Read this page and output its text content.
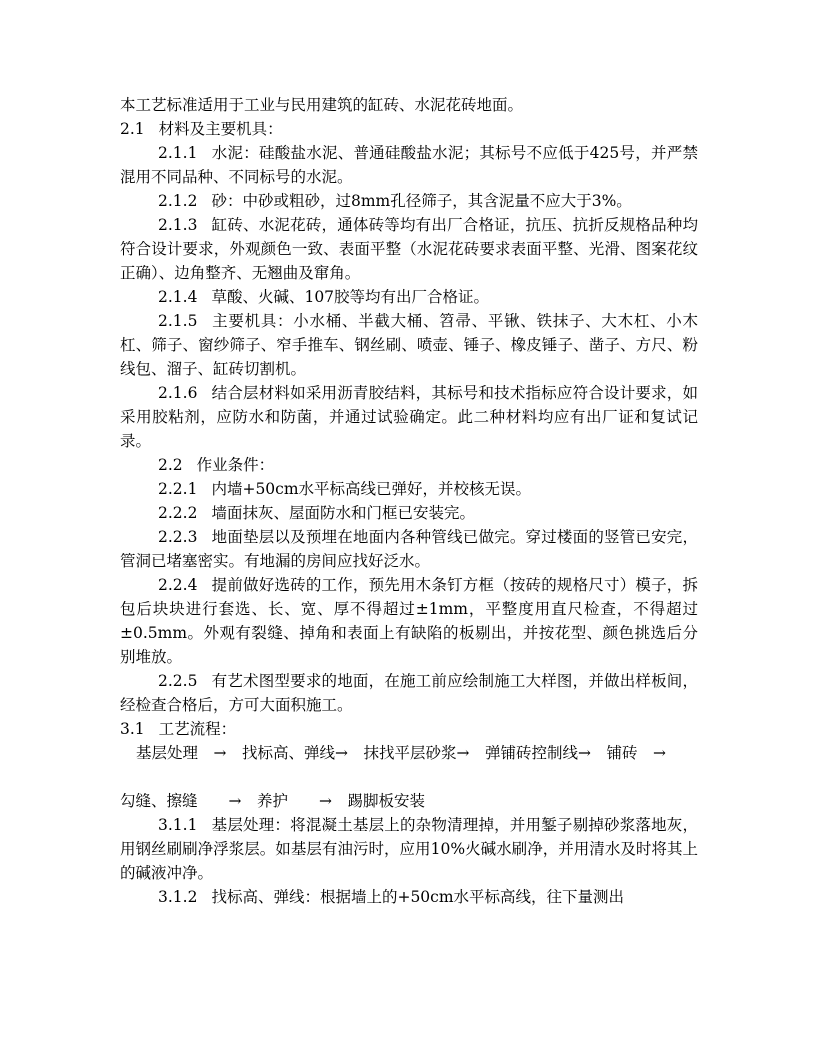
本工艺标准适用于工业与民用建筑的缸砖、水泥花砖地面。

2.1 材料及主要机具：

2.1.1 水泥：硅酸盐水泥、普通硅酸盐水泥；其标号不应低于425号，并严禁混用不同品种、不同标号的水泥。

2.1.2 砂：中砂或粗砂，过8mm孔径筛子，其含泥量不应大于3%。

2.1.3 缸砖、水泥花砖，通体砖等均有出厂合格证，抗压、抗折反规格品种均符合设计要求，外观颜色一致、表面平整（水泥花砖要求表面平整、光滑、图案花纹正确）、边角整齐、无翘曲及窜角。

2.1.4 草酸、火碱、107胶等均有出厂合格证。

2.1.5 主要机具：小水桶、半截大桶、笤帚、平锹、铁抹子、大木杠、小木杠、筛子、窗纱筛子、窄手推车、钢丝刷、喷壶、锤子、橡皮锤子、凿子、方尺、粉线包、溜子、缸砖切割机。

2.1.6 结合层材料如采用沥青胶结料，其标号和技术指标应符合设计要求，如采用胶粘剂，应防水和防菌，并通过试验确定。此二种材料均应有出厂证和复试记录。

2.2 作业条件：

2.2.1 内墙+50cm水平标高线已弹好，并校核无误。

2.2.2 墙面抹灰、屋面防水和门框已安装完。

2.2.3 地面垫层以及预埋在地面内各种管线已做完。穿过楼面的竖管已安完，管洞已堵塞密实。有地漏的房间应找好泛水。

2.2.4 提前做好选砖的工作，预先用木条钉方框（按砖的规格尺寸）模子，拆包后块块进行套选、长、宽、厚不得超过±1mm，平整度用直尺检查，不得超过±0.5mm。外观有裂缝、掉角和表面上有缺陷的板剔出，并按花型、颜色挑选后分别堆放。

2.2.5 有艺术图型要求的地面，在施工前应绘制施工大样图，并做出样板间，经检查合格后，方可大面积施工。

3.1 工艺流程：

基层处理　→　找标高、弹线→　抹找平层砂浆→　弹铺砖控制线→　铺砖　→

勾缝、擦缝　　→　养护　　→　踢脚板安装

3.1.1 基层处理：将混凝土基层上的杂物清理掉，并用錾子剔掉砂浆落地灰，用钢丝刷刷净浮浆层。如基层有油污时，应用10%火碱水刷净，并用清水及时将其上的碱液冲净。

3.1.2 找标高、弹线：根据墙上的+50cm水平标高线，往下量测出
